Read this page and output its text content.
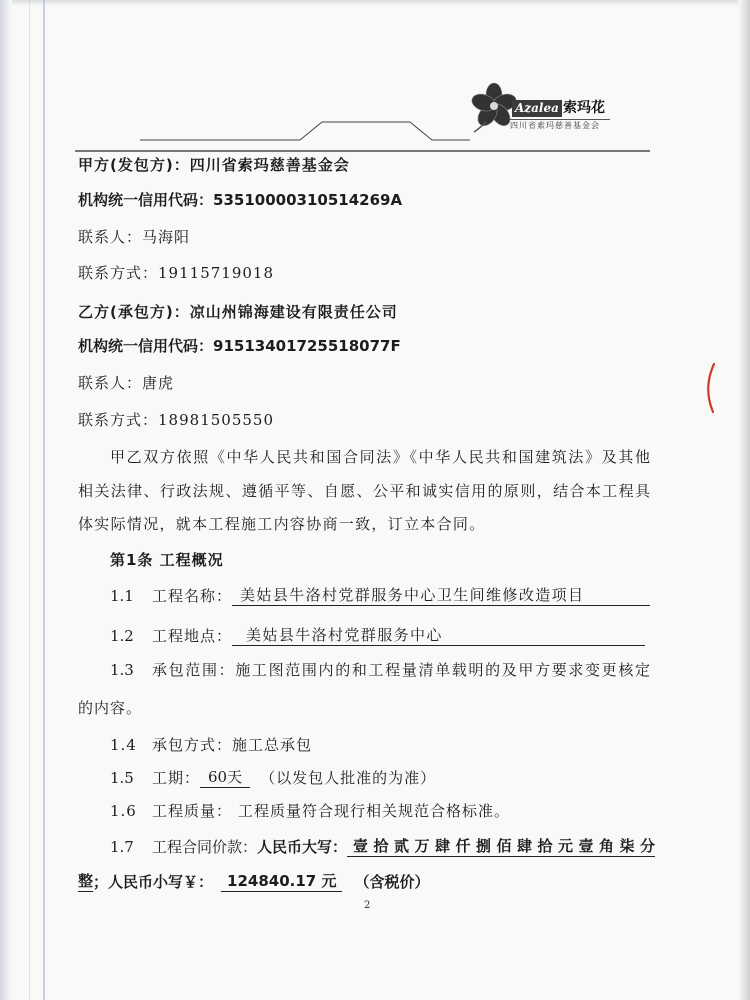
Azalea 索玛花
四川省索玛慈善基金会
甲方(发包方)：四川省索玛慈善基金会
机构统一信用代码：53510000310514269A
联系人：马海阳
联系方式：19115719018
乙方(承包方)：凉山州锦海建设有限责任公司
机构统一信用代码：91513401725518077F
联系人：唐虎
联系方式：18981505550
甲乙双方依照《中华人民共和国合同法》《中华人民共和国建筑法》及其他
相关法律、行政法规、遵循平等、自愿、公平和诚实信用的原则，结合本工程具
体实际情况，就本工程施工内容协商一致，订立本合同。
第1条 工程概况
1.1	工程名称： 美姑县牛洛村党群服务中心卫生间维修改造项目
1.2	工程地点： 美姑县牛洛村党群服务中心
1.3	承包范围：施工图范围内的和工程量清单载明的及甲方要求变更核定
的内容。
1.4 承包方式：施工总承包
1.5	工期： 60天	（以发包人批准的为准）
1.6 工程质量： 工程质量符合现行相关规范合格标准。
1.7	工程合同价款： 人民币大写： 壹拾贰万肆仟捌佰肆拾元壹角柒分
整 ；人民币小写￥： 124840.17 元	（含税价）
2
